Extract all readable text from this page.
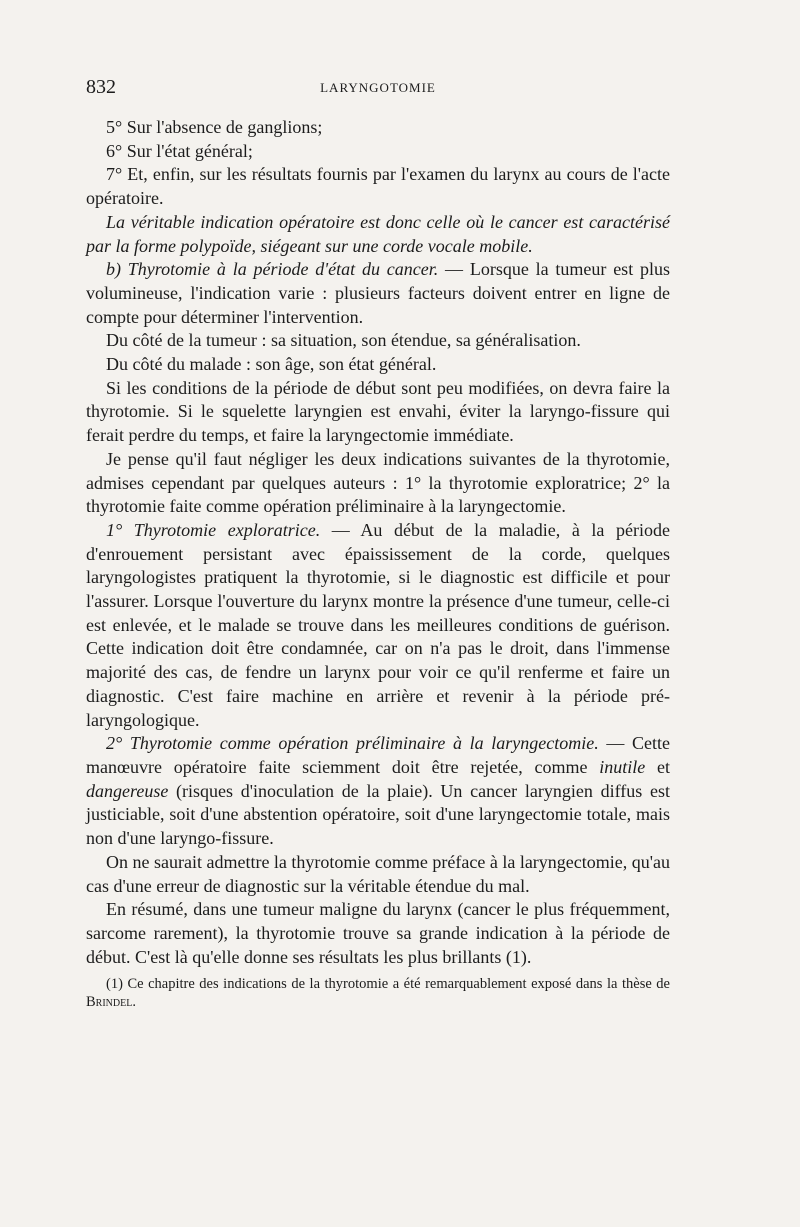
832	LARYNGOTOMIE

5° Sur l'absence de ganglions;

6° Sur l'état général;

7° Et, enfin, sur les résultats fournis par l'examen du larynx au cours de l'acte opératoire.

La véritable indication opératoire est donc celle où le cancer est caractérisé par la forme polypoïde, siégeant sur une corde vocale mobile.

b) Thyrotomie à la période d'état du cancer. — Lorsque la tumeur est plus volumineuse, l'indication varie : plusieurs facteurs doivent entrer en ligne de compte pour déterminer l'intervention.

Du côté de la tumeur : sa situation, son étendue, sa généralisation.

Du côté du malade : son âge, son état général.

Si les conditions de la période de début sont peu modifiées, on devra faire la thyrotomie. Si le squelette laryngien est envahi, éviter la laryngo-fissure qui ferait perdre du temps, et faire la laryngectomie immédiate.

Je pense qu'il faut négliger les deux indications suivantes de la thyrotomie, admises cependant par quelques auteurs : 1° la thyrotomie exploratrice; 2° la thyrotomie faite comme opération préliminaire à la laryngectomie.

1° Thyrotomie exploratrice. — Au début de la maladie, à la période d'enrouement persistant avec épaississement de la corde, quelques laryngologistes pratiquent la thyrotomie, si le diagnostic est difficile et pour l'assurer. Lorsque l'ouverture du larynx montre la présence d'une tumeur, celle-ci est enlevée, et le malade se trouve dans les meilleures conditions de guérison. Cette indication doit être condamnée, car on n'a pas le droit, dans l'immense majorité des cas, de fendre un larynx pour voir ce qu'il renferme et faire un diagnostic. C'est faire machine en arrière et revenir à la période pré-laryngologique.

2° Thyrotomie comme opération préliminaire à la laryngectomie. — Cette manœuvre opératoire faite sciemment doit être rejetée, comme inutile et dangereuse (risques d'inoculation de la plaie). Un cancer laryngien diffus est justiciable, soit d'une abstention opératoire, soit d'une laryngectomie totale, mais non d'une laryngo-fissure.

On ne saurait admettre la thyrotomie comme préface à la laryngectomie, qu'au cas d'une erreur de diagnostic sur la véritable étendue du mal.

En résumé, dans une tumeur maligne du larynx (cancer le plus fréquemment, sarcome rarement), la thyrotomie trouve sa grande indication à la période de début. C'est là qu'elle donne ses résultats les plus brillants (1).

(1) Ce chapitre des indications de la thyrotomie a été remarquablement exposé dans la thèse de Brindel.
